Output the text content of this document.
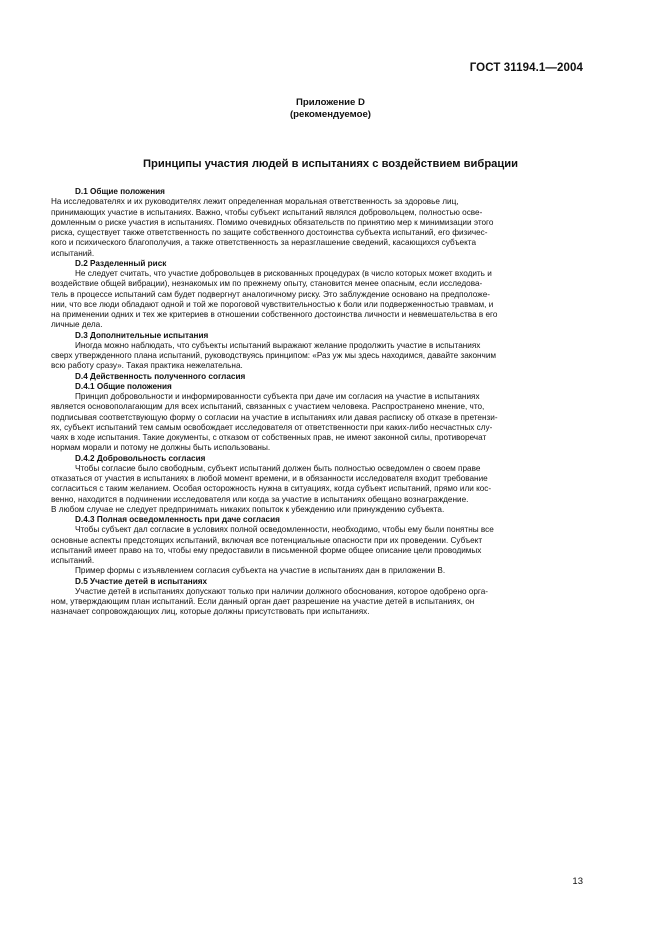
ГОСТ 31194.1—2004
Приложение D
(рекомендуемое)
Принципы участия людей в испытаниях с воздействием вибрации
D.1 Общие положения
На исследователях и их руководителях лежит определенная моральная ответственность за здоровье лиц,
принимающих участие в испытаниях. Важно, чтобы субъект испытаний являлся добровольцем, полностью осве-
домленным о риске участия в испытаниях. Помимо очевидных обязательств по принятию мер к минимизации этого
риска, существует также ответственность по защите собственного достоинства субъекта испытаний, его физичес-
кого и психического благополучия, а также ответственность за неразглашение сведений, касающихся субъекта
испытаний.
D.2 Разделенный риск
Не следует считать, что участие добровольцев в рискованных процедурах (в число которых может входить и
воздействие общей вибрации), незнакомых им по прежнему опыту, становится менее опасным, если исследова-
тель в процессе испытаний сам будет подвергнут аналогичному риску. Это заблуждение основано на предположе-
нии, что все люди обладают одной и той же пороговой чувствительностью к боли или подверженностью травмам, и
на применении одних и тех же критериев в отношении собственного достоинства личности и невмешательства в его
личные дела.
D.3 Дополнительные испытания
Иногда можно наблюдать, что субъекты испытаний выражают желание продолжить участие в испытаниях
сверх утвержденного плана испытаний, руководствуясь принципом: «Раз уж мы здесь находимся, давайте закончим
всю работу сразу». Такая практика нежелательна.
D.4 Действенность полученного согласия
D.4.1 Общие положения
Принцип добровольности и информированности субъекта при даче им согласия на участие в испытаниях
является основополагающим для всех испытаний, связанных с участием человека. Распространено мнение, что,
подписывая соответствующую форму о согласии на участие в испытаниях или давая расписку об отказе в претензи-
ях, субъект испытаний тем самым освобождает исследователя от ответственности при каких-либо несчастных слу-
чаях в ходе испытания. Такие документы, с отказом от собственных прав, не имеют законной силы, противоречат
нормам морали и потому не должны быть использованы.
D.4.2 Добровольность согласия
Чтобы согласие было свободным, субъект испытаний должен быть полностью осведомлен о своем праве
отказаться от участия в испытаниях в любой момент времени, и в обязанности исследователя входит требование
согласиться с таким желанием. Особая осторожность нужна в ситуациях, когда субъект испытаний, прямо или кос-
венно, находится в подчинении исследователя или когда за участие в испытаниях обещано вознаграждение.
В любом случае не следует предпринимать никаких попыток к убеждению или принуждению субъекта.
D.4.3 Полная осведомленность при даче согласия
Чтобы субъект дал согласие в условиях полной осведомленности, необходимо, чтобы ему были понятны все
основные аспекты предстоящих испытаний, включая все потенциальные опасности при их проведении. Субъект
испытаний имеет право на то, чтобы ему предоставили в письменной форме общее описание цели проводимых
испытаний.
Пример формы с изъявлением согласия субъекта на участие в испытаниях дан в приложении В.
D.5 Участие детей в испытаниях
Участие детей в испытаниях допускают только при наличии должного обоснования, которое одобрено орга-
ном, утверждающим план испытаний. Если данный орган дает разрешение на участие детей в испытаниях, он
назначает сопровождающих лиц, которые должны присутствовать при испытаниях.
13
